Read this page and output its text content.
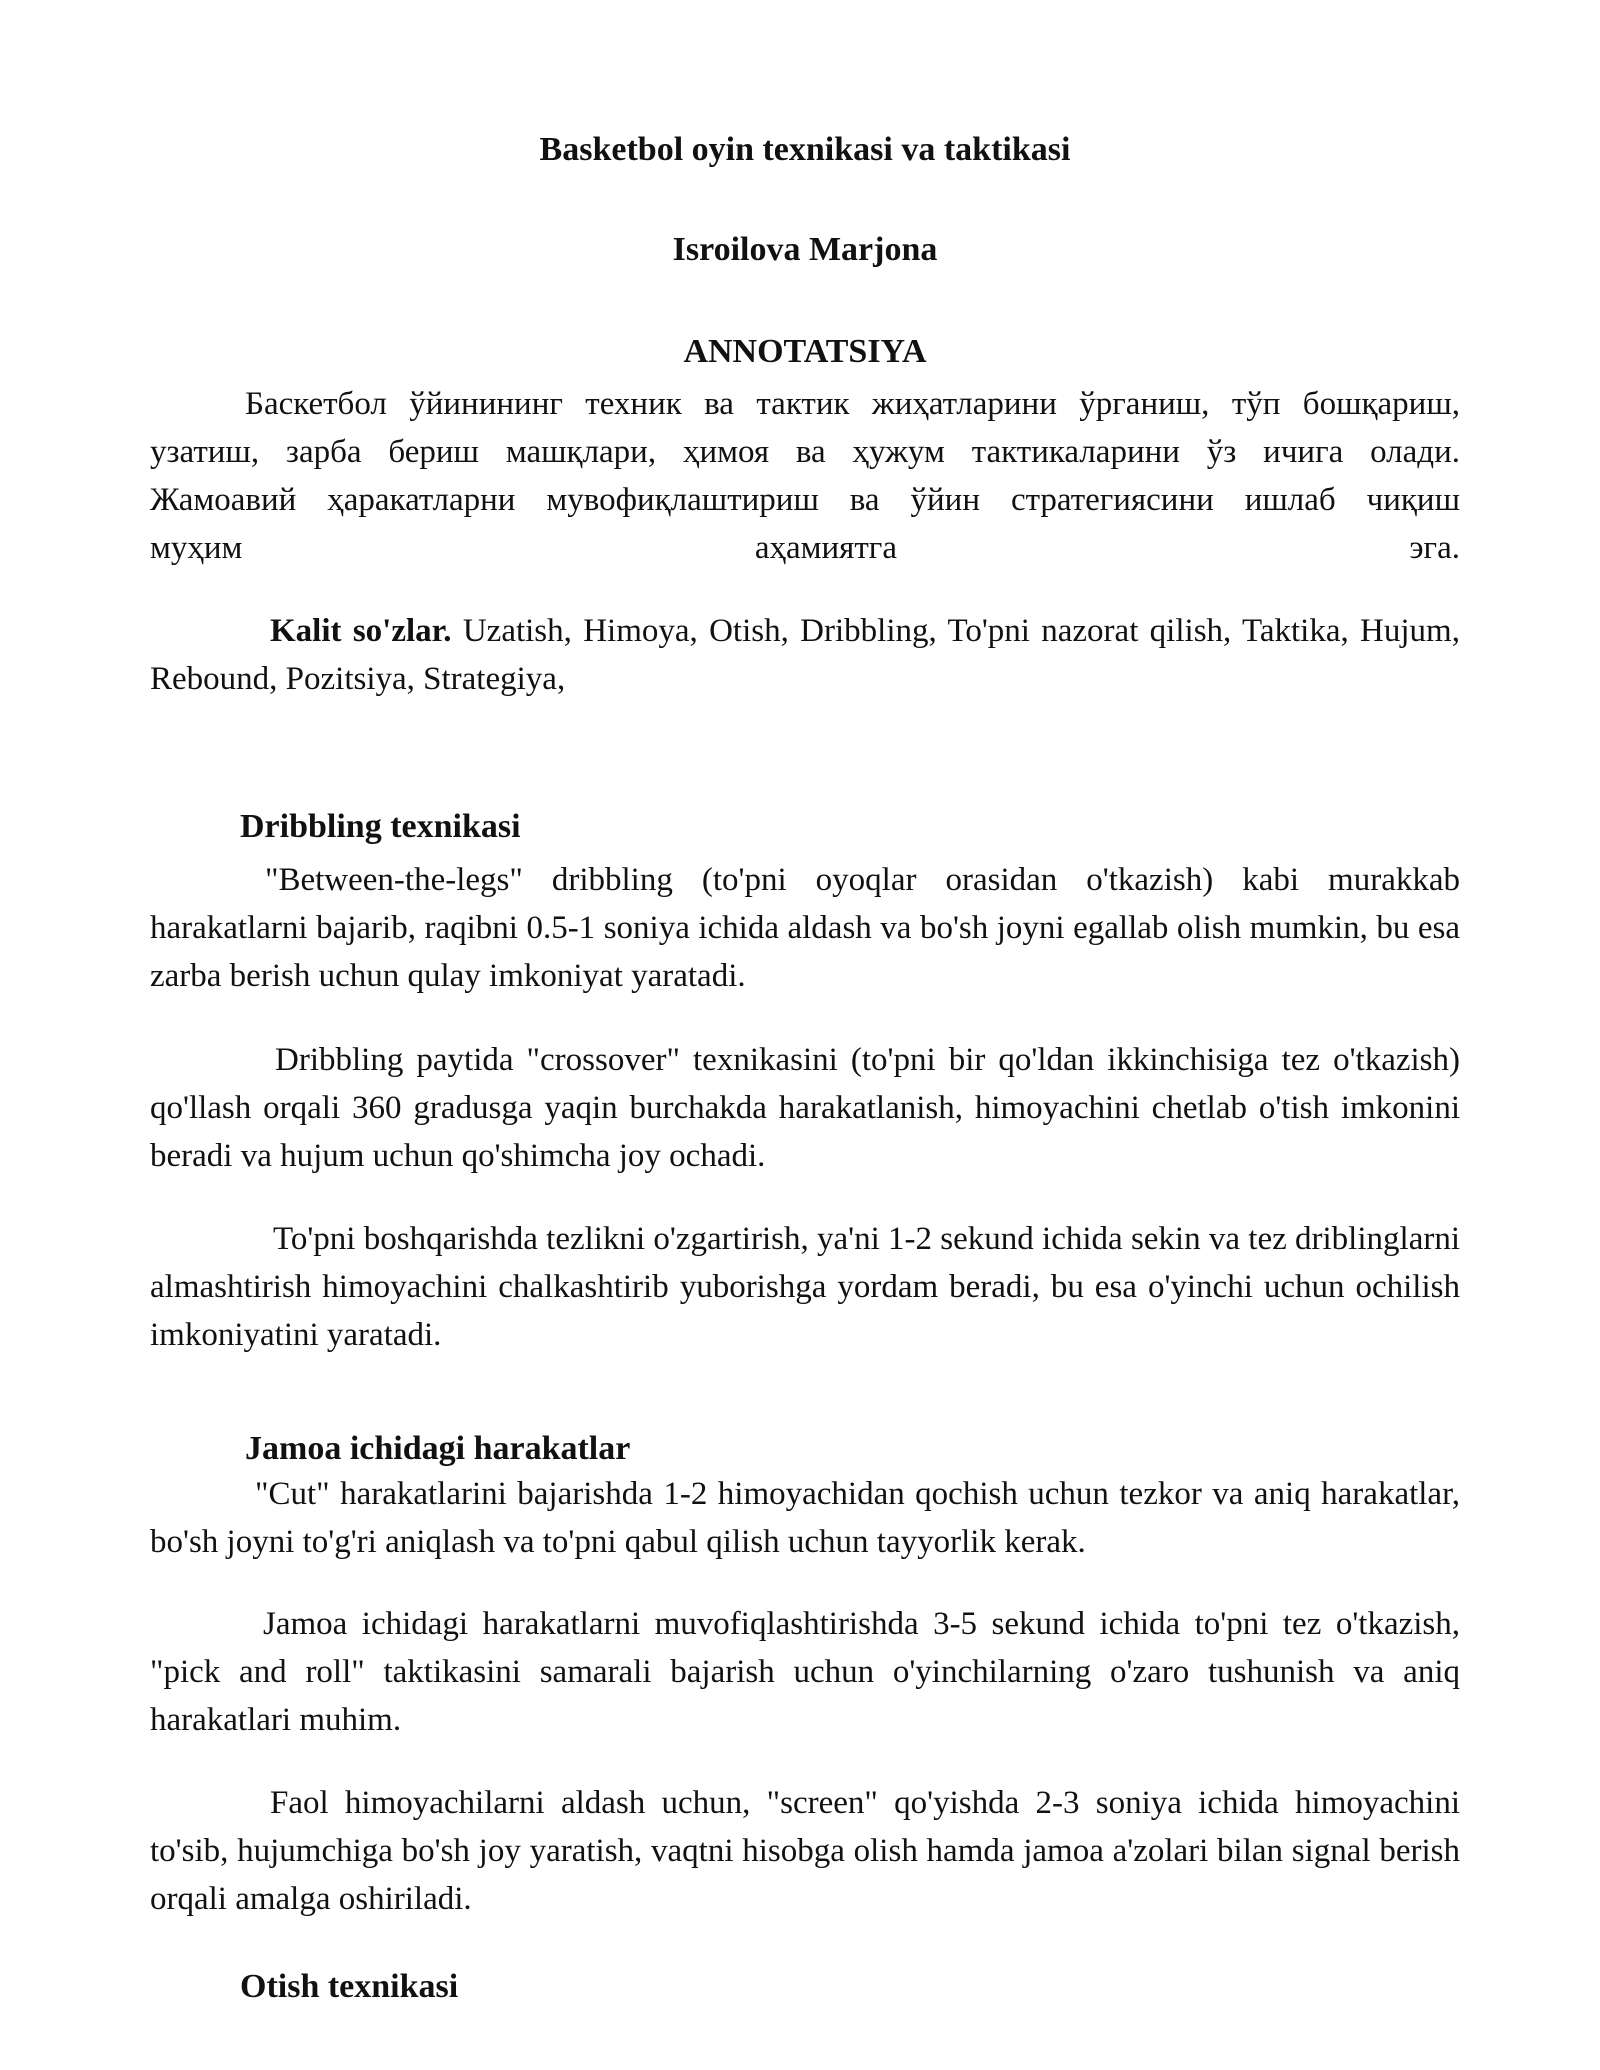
Basketbol oyin texnikasi va taktikasi
Isroilova Marjona
ANNOTATSIYA
Баскетбол ўйинининг техник ва тактик жиҳатларини ўрганиш, тўп бошқариш,
узатиш, зарба бериш машқлари, ҳимоя ва ҳужум тактикаларини ўз ичига олади.
Жамоавий ҳаракатларни мувофиқлаштириш ва ўйин стратегиясини ишлаб чиқиш
муҳим	аҳамиятга	эга.
Kalit so'zlar. Uzatish, Himoya, Otish, Dribbling, To'pni nazorat qilish, Taktika, Hujum, Rebound, Pozitsiya, Strategiya,
Dribbling texnikasi
"Between-the-legs" dribbling (to'pni oyoqlar orasidan o'tkazish) kabi murakkab harakatlarni bajarib, raqibni 0.5-1 soniya ichida aldash va bo'sh joyni egallab olish mumkin, bu esa zarba berish uchun qulay imkoniyat yaratadi.
Dribbling paytida "crossover" texnikasini (to'pni bir qo'ldan ikkinchisiga tez o'tkazish) qo'llash orqali 360 gradusga yaqin burchakda harakatlanish, himoyachini chetlab o'tish imkonini beradi va hujum uchun qo'shimcha joy ochadi.
To'pni boshqarishda tezlikni o'zgartirish, ya'ni 1-2 sekund ichida sekin va tez driblinglarni almashtirish himoyachini chalkashtirib yuborishga yordam beradi, bu esa o'yinchi uchun ochilish imkoniyatini yaratadi.
Jamoa ichidagi harakatlar
"Cut" harakatlarini bajarishda 1-2 himoyachidan qochish uchun tezkor va aniq harakatlar, bo'sh joyni to'g'ri aniqlash va to'pni qabul qilish uchun tayyorlik kerak.
Jamoa ichidagi harakatlarni muvofiqlashtirishda 3-5 sekund ichida to'pni tez o'tkazish, "pick and roll" taktikasini samarali bajarish uchun o'yinchilarning o'zaro tushunish va aniq harakatlari muhim.
Faol himoyachilarni aldash uchun, "screen" qo'yishda 2-3 soniya ichida himoyachini to'sib, hujumchiga bo'sh joy yaratish, vaqtni hisobga olish hamda jamoa a'zolari bilan signal berish orqali amalga oshiriladi.
Otish texnikasi
